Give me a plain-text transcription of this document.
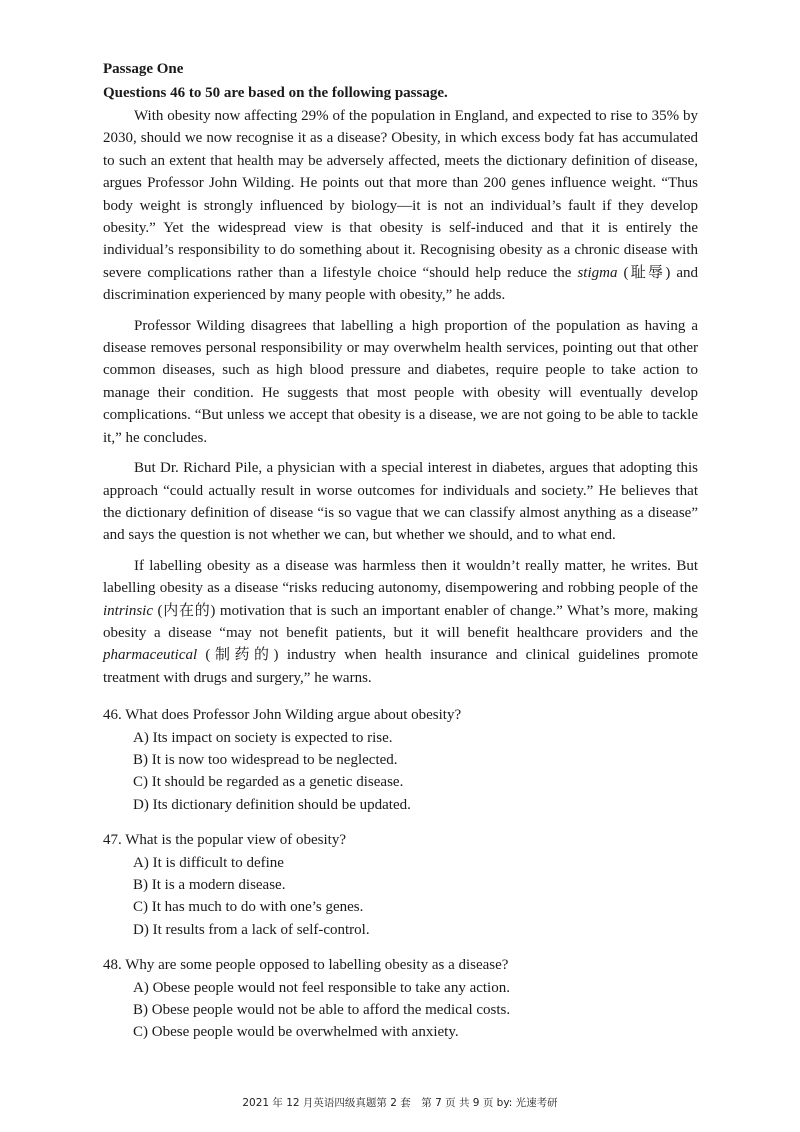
Passage One

Questions 46 to 50 are based on the following passage.

With obesity now affecting 29% of the population in England, and expected to rise to 35% by 2030, should we now recognise it as a disease? Obesity, in which excess body fat has accumulated to such an extent that health may be adversely affected, meets the dictionary definition of disease, argues Professor John Wilding. He points out that more than 200 genes influence weight. “Thus body weight is strongly influenced by biology—it is not an individual’s fault if they develop obesity.” Yet the widespread view is that obesity is self-induced and that it is entirely the individual’s responsibility to do something about it. Recognising obesity as a chronic disease with severe complications rather than a lifestyle choice “should help reduce the stigma (耻辱) and discrimination experienced by many people with obesity,” he adds.

Professor Wilding disagrees that labelling a high proportion of the population as having a disease removes personal responsibility or may overwhelm health services, pointing out that other common diseases, such as high blood pressure and diabetes, require people to take action to manage their condition. He suggests that most people with obesity will eventually develop complications. “But unless we accept that obesity is a disease, we are not going to be able to tackle it,” he concludes.

But Dr. Richard Pile, a physician with a special interest in diabetes, argues that adopting this approach “could actually result in worse outcomes for individuals and society.” He believes that the dictionary definition of disease “is so vague that we can classify almost anything as a disease” and says the question is not whether we can, but whether we should, and to what end.

If labelling obesity as a disease was harmless then it wouldn’t really matter, he writes. But labelling obesity as a disease “risks reducing autonomy, disempowering and robbing people of the intrinsic (内在的) motivation that is such an important enabler of change.” What’s more, making obesity a disease “may not benefit patients, but it will benefit healthcare providers and the pharmaceutical (制药的) industry when health insurance and clinical guidelines promote treatment with drugs and surgery,” he warns.

46. What does Professor John Wilding argue about obesity?

A) Its impact on society is expected to rise.

B) It is now too widespread to be neglected.

C) It should be regarded as a genetic disease.

D) Its dictionary definition should be updated.

47. What is the popular view of obesity?

A) It is difficult to define

B) It is a modern disease.

C) It has much to do with one’s genes.

D) It results from a lack of self-control.

48. Why are some people opposed to labelling obesity as a disease?

A) Obese people would not feel responsible to take any action.

B) Obese people would not be able to afford the medical costs.

C) Obese people would be overwhelmed with anxiety.

2021 年 12 月英语四级真题第 2 套　第 7 页 共 9 页 by: 光速考研
